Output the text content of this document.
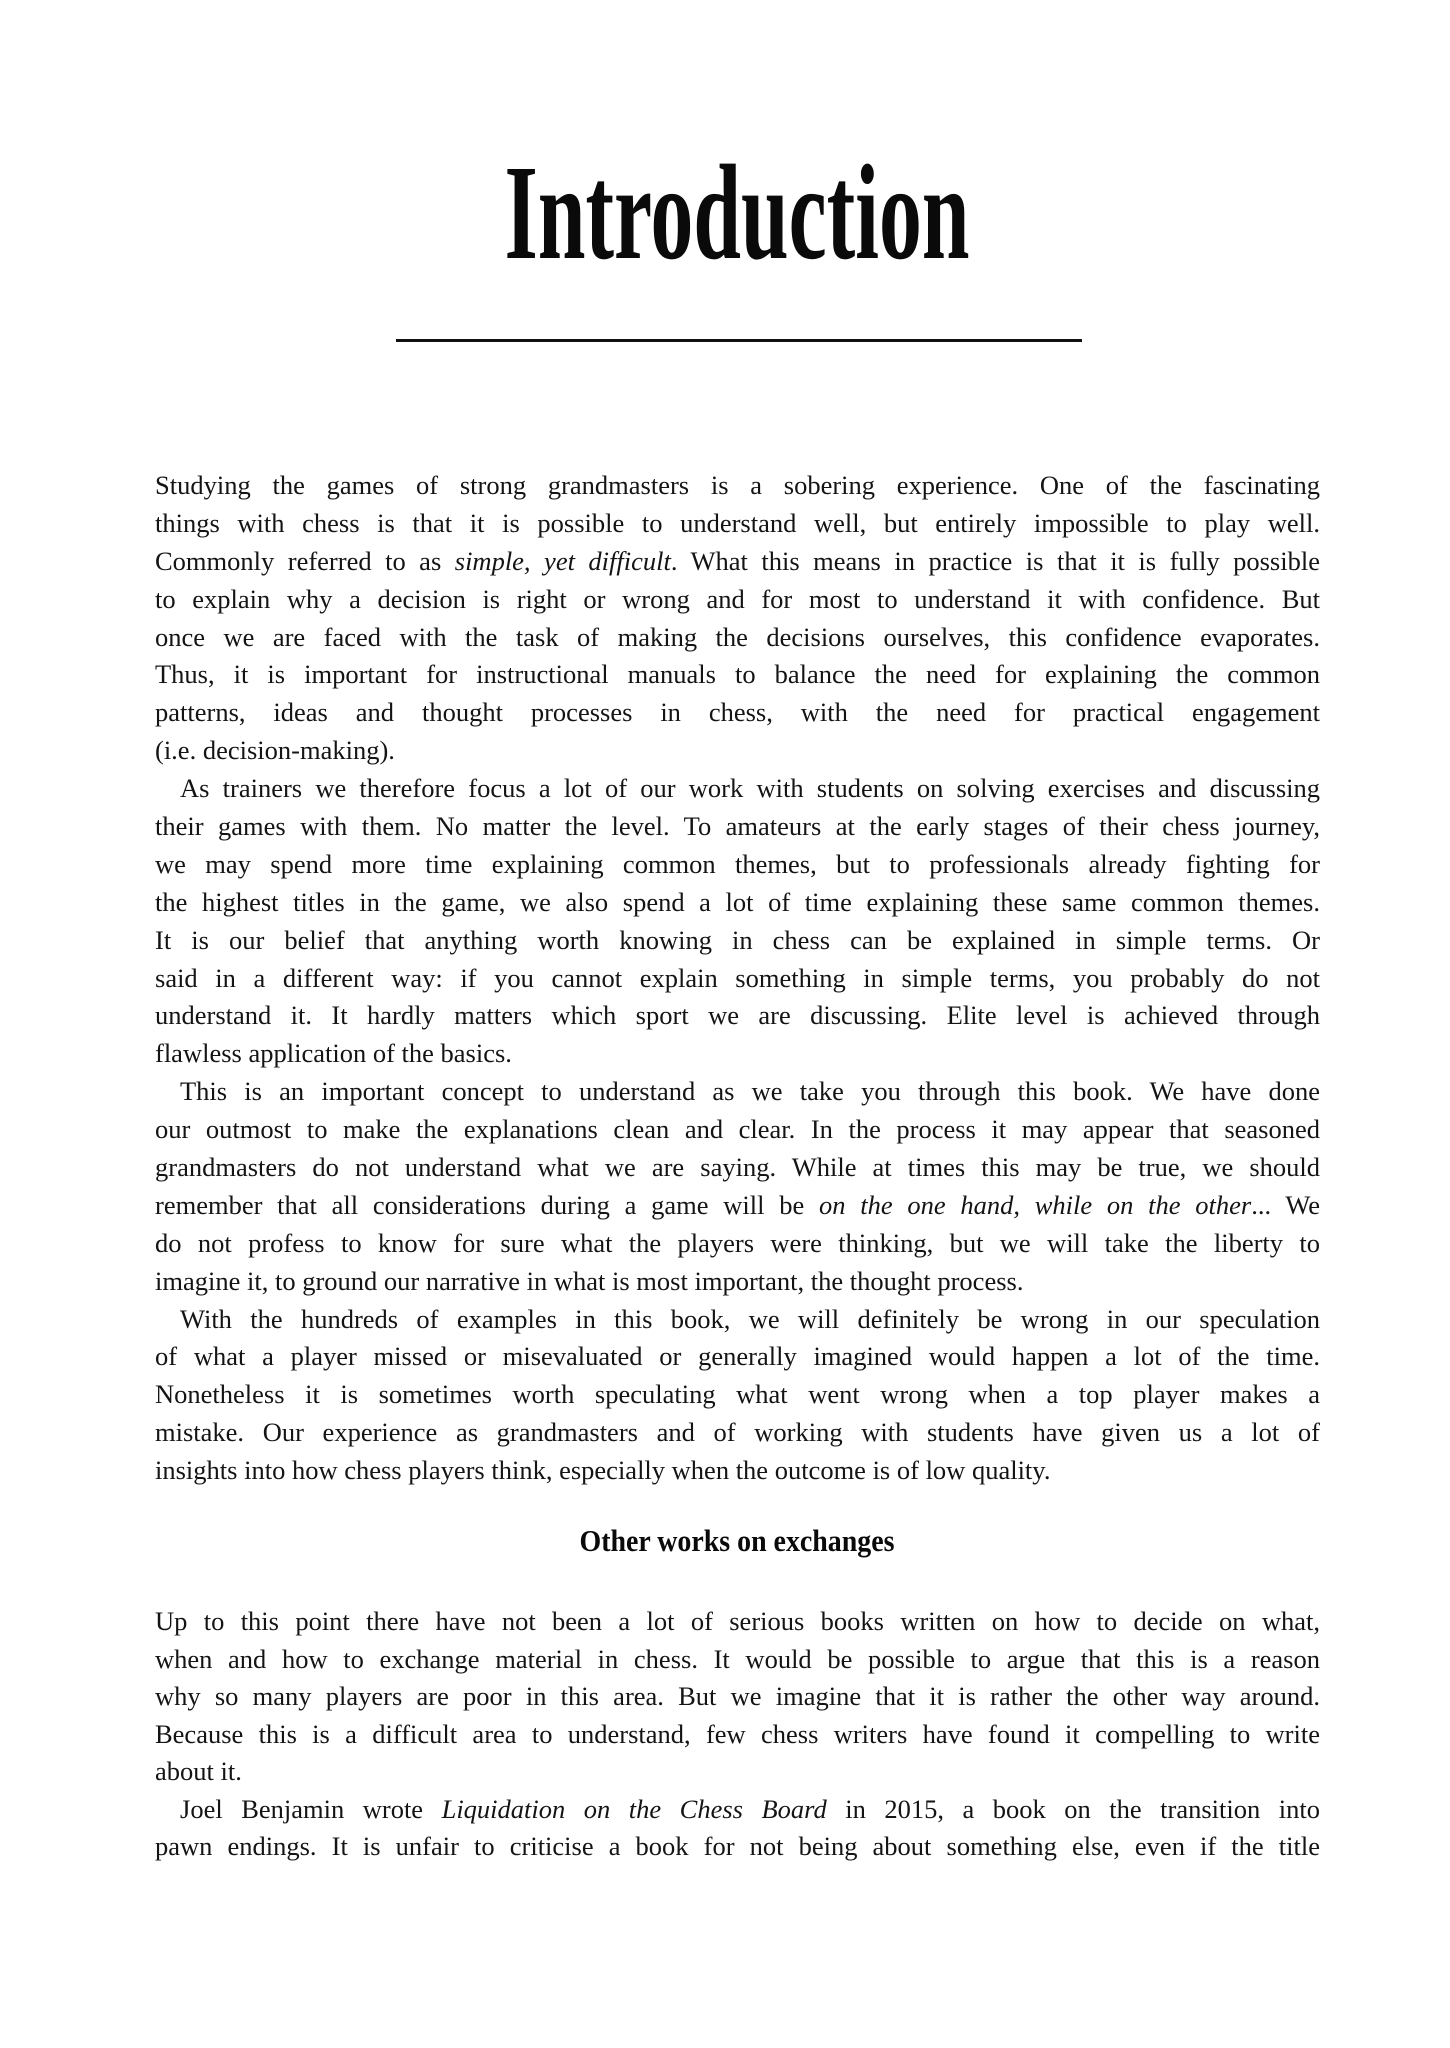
Introduction
Studying the games of strong grandmasters is a sobering experience. One of the fascinating
things with chess is that it is possible to understand well, but entirely impossible to play well.
Commonly referred to as simple, yet difficult. What this means in practice is that it is fully possible
to explain why a decision is right or wrong and for most to understand it with confidence. But
once we are faced with the task of making the decisions ourselves, this confidence evaporates.
Thus, it is important for instructional manuals to balance the need for explaining the common
patterns, ideas and thought processes in chess, with the need for practical engagement
(i.e. decision-making).
As trainers we therefore focus a lot of our work with students on solving exercises and discussing
their games with them. No matter the level. To amateurs at the early stages of their chess journey,
we may spend more time explaining common themes, but to professionals already fighting for
the highest titles in the game, we also spend a lot of time explaining these same common themes.
It is our belief that anything worth knowing in chess can be explained in simple terms. Or
said in a different way: if you cannot explain something in simple terms, you probably do not
understand it. It hardly matters which sport we are discussing. Elite level is achieved through
flawless application of the basics.
This is an important concept to understand as we take you through this book. We have done
our outmost to make the explanations clean and clear. In the process it may appear that seasoned
grandmasters do not understand what we are saying. While at times this may be true, we should
remember that all considerations during a game will be on the one hand, while on the other... We
do not profess to know for sure what the players were thinking, but we will take the liberty to
imagine it, to ground our narrative in what is most important, the thought process.
With the hundreds of examples in this book, we will definitely be wrong in our speculation
of what a player missed or misevaluated or generally imagined would happen a lot of the time.
Nonetheless it is sometimes worth speculating what went wrong when a top player makes a
mistake. Our experience as grandmasters and of working with students have given us a lot of
insights into how chess players think, especially when the outcome is of low quality.
Other works on exchanges
Up to this point there have not been a lot of serious books written on how to decide on what,
when and how to exchange material in chess. It would be possible to argue that this is a reason
why so many players are poor in this area. But we imagine that it is rather the other way around.
Because this is a difficult area to understand, few chess writers have found it compelling to write
about it.
Joel Benjamin wrote Liquidation on the Chess Board in 2015, a book on the transition into
pawn endings. It is unfair to criticise a book for not being about something else, even if the title
